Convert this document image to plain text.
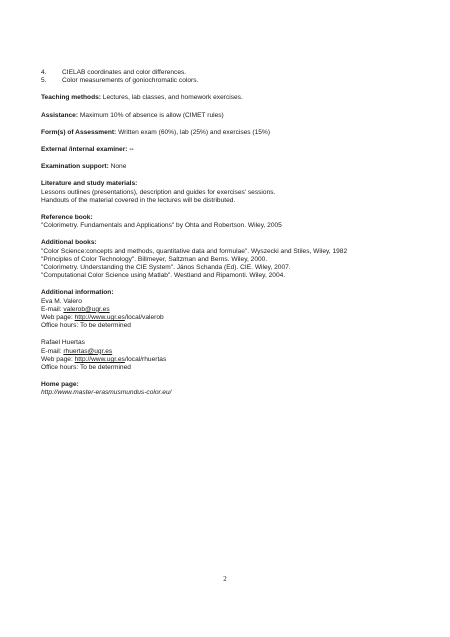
4.	CIELAB coordinates and color differences.
5.	Color measurements of goniochromatic colors.
Teaching methods: Lectures, lab classes, and homework exercises.
Assistance: Maximum 10% of absence is allow (CIMET rules)
Form(s) of Assessment: Written exam (60%), lab (25%) and exercises (15%)
External /internal examiner: --
Examination support: None
Literature and study materials:
Lessons outlines (presentations), description and guides for exercises' sessions.
Handouts of the material covered in the lectures will be distributed.
Reference book:
"Colorimetry. Fundamentals and Applications" by Ohta and Robertson. Wiley, 2005
Additional books:
"Color Science:concepts and methods, quantitative data and formulae". Wyszecki and Stiles, Wiley, 1982
"Principles of Color Technology". Billmeyer, Saltzman and Berns. Wiley, 2000.
"Colorimetry. Understanding the CIE System". János Schanda (Ed). CIE. Wiley, 2007.
"Computational Color Science using Matlab". Westland and Ripamonti. Wiley, 2004.
Additional information:
Eva M. Valero
E-mail: valerob@ugr.es
Web page: http://www.ugr.es/local/valerob
Office hours: To be determined
Rafael Huertas
E-mail: rhuertas@ugr.es
Web page: http://www.ugr.es/local/rhuertas
Office hours: To be determined
Home page:
http://www.master-erasmusmundus-color.eu/
2
